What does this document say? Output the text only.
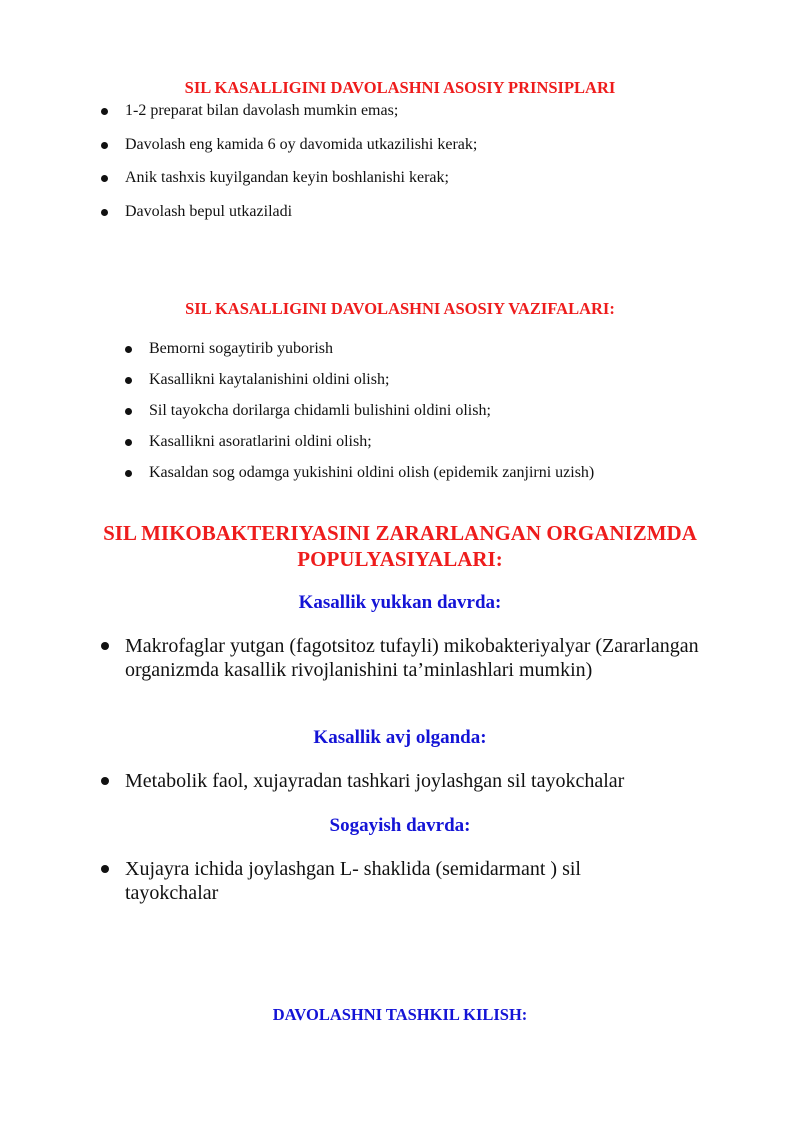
SIL KASALLIGINI DAVOLASHNI ASOSIY PRINSIPLARI
1-2 preparat bilan davolash mumkin emas;
Davolash eng kamida 6 oy davomida utkazilishi kerak;
Anik tashxis kuyilgandan keyin boshlanishi kerak;
Davolash bepul utkaziladi
SIL KASALLIGINI DAVOLASHNI ASOSIY VAZIFALARI:
Bemorni sogaytirib yuborish
Kasallikni kaytalanishini oldini olish;
Sil tayokcha dorilarga chidamli bulishini oldini olish;
Kasallikni asoratlarini oldini olish;
Kasaldan sog odamga yukishini oldini olish (epidemik zanjirni uzish)
SIL MIKOBAKTERIYASINI ZARARLANGAN ORGANIZMDA
POPULYASIYALARI:
Kasallik yukkan davrda:
Makrofaglar yutgan (fagotsitoz tufayli) mikobakteriyalyar (Zararlangan organizmda kasallik rivojlanishini ta’minlashlari mumkin)
Kasallik avj olganda:
Metabolik faol, xujayradan tashkari joylashgan sil tayokchalar
Sogayish davrda:
Xujayra ichida joylashgan L- shaklida (semidarmant ) sil tayokchalar
DAVOLASHNI TASHKIL KILISH:
